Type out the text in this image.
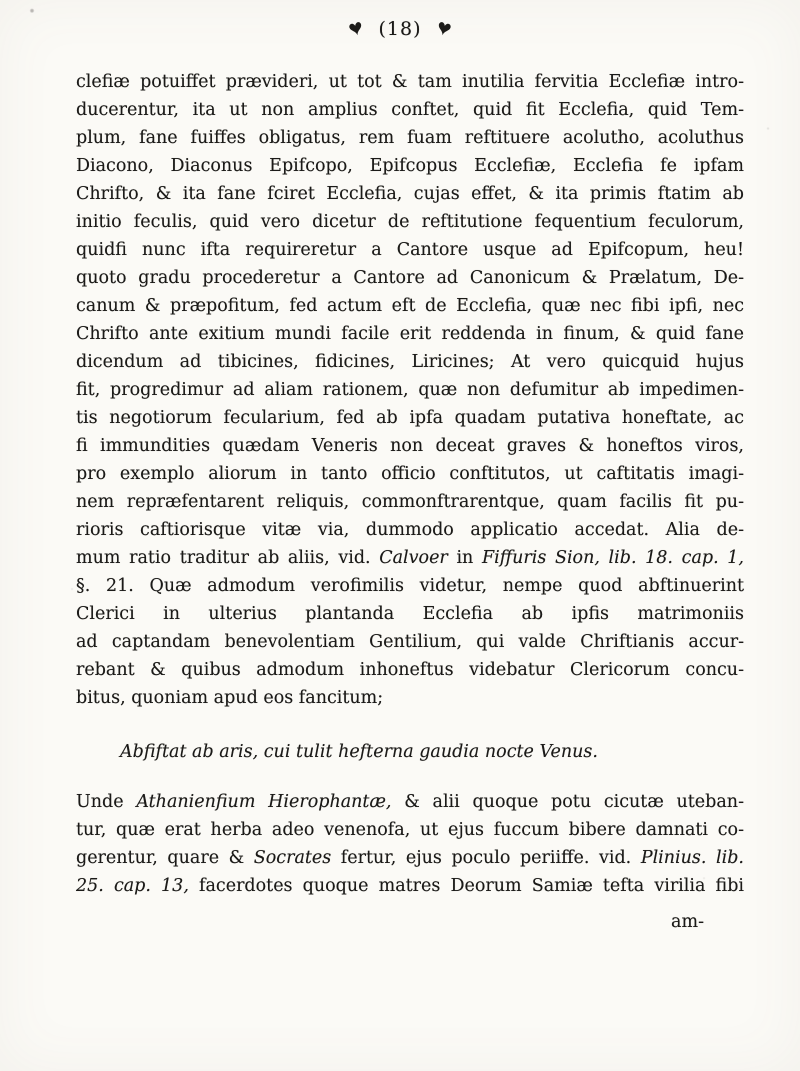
(18)
clefiæ potuiffet prævideri, ut tot & tam inutilia fervitia Ecclefiæ intro-
ducerentur, ita ut non amplius conftet, quid fit Ecclefia, quid Tem-
plum, fane fuiffes obligatus, rem fuam reftituere acolutho, acoluthus
Diacono, Diaconus Epifcopo, Epifcopus Ecclefiæ, Ecclefia fe ipfam
Chrifto, & ita fane fciret Ecclefia, cujas effet, & ita primis ftatim ab
initio feculis, quid vero dicetur de reftitutione fequentium feculorum,
quidfi nunc ifta requireretur a Cantore usque ad Epifcopum, heu!
quoto gradu procederetur a Cantore ad Canonicum & Prælatum, De-
canum & præpofitum, fed actum eft de Ecclefia, quæ nec fibi ipfi, nec
Chrifto ante exitium mundi facile erit reddenda in finum, & quid fane
dicendum ad tibicines, fidicines, Liricines; At vero quicquid hujus
fit, progredimur ad aliam rationem, quæ non defumitur ab impedimen-
tis negotiorum fecularium, fed ab ipfa quadam putativa honeftate, ac
fi immundities quædam Veneris non deceat graves & honeftos viros,
pro exemplo aliorum in tanto officio conftitutos, ut caftitatis imagi-
nem repræfentarent reliquis, commonftrarentque, quam facilis fit pu-
rioris caftiorisque vitæ via, dummodo applicatio accedat. Alia de-
mum ratio traditur ab aliis, vid. Calvoer in Fiffuris Sion, lib. 18. cap. 1,
§. 21. Quæ admodum verofimilis videtur, nempe quod abftinuerint
Clerici in ulterius plantanda Ecclefia ab ipfis matrimoniis
ad captandam benevolentiam Gentilium, qui valde Chriftianis accur-
rebant & quibus admodum inhoneftus videbatur Clericorum concu-
bitus, quoniam apud eos fancitum;
Abfiftat ab aris, cui tulit hefterna gaudia nocte Venus.
Unde Athanienfium Hierophantæ, & alii quoque potu cicutæ uteban-
tur, quæ erat herba adeo venenofa, ut ejus fuccum bibere damnati co-
gerentur, quare & Socrates fertur, ejus poculo periiffe. vid. Plinius. lib.
25. cap. 13, facerdotes quoque matres Deorum Samiæ tefta virilia fibi
am-
